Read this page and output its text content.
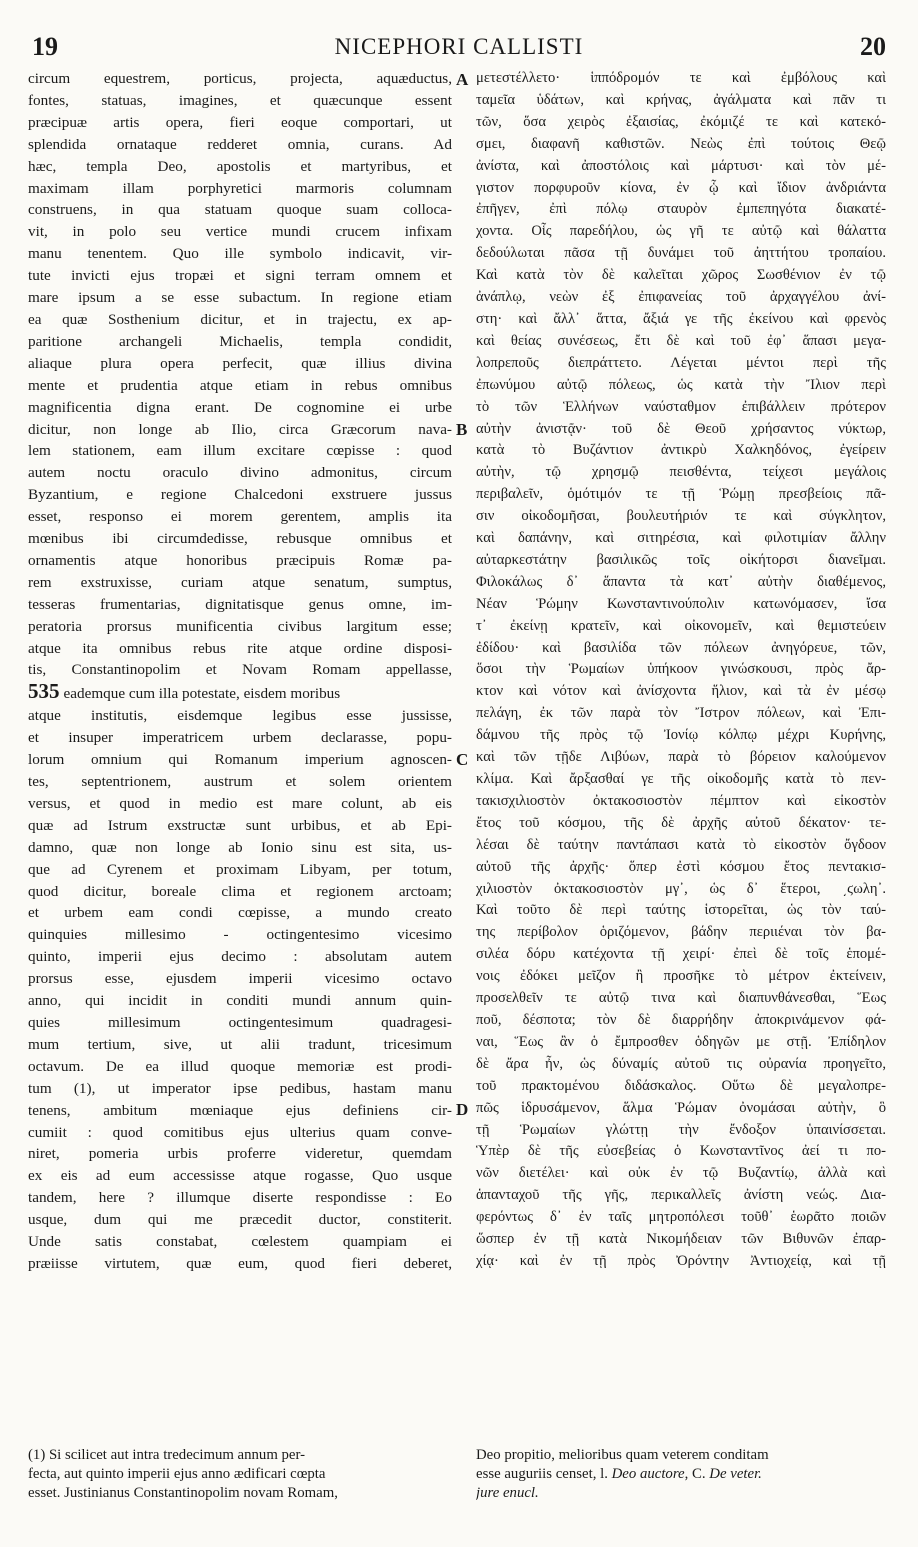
19	NICEPHORI CALLISTI	20
circum equestrem, porticus, projecta, aquæductus,
fontes, statuas, imagines, et quæcunque essent
præcipuæ artis opera, fieri eoque comportari, ut
splendida ornataque redderet omnia, curans. Ad
hæc, templa Deo, apostolis et martyribus, et
maximam illam porphyretici marmoris columnam
construens, in qua statuam quoque suam colloca-
vit, in polo seu vertice mundi crucem infixam
manu tenentem. Quo ille symbolo indicavit, vir-
tute invicti ejus tropæi et signi terram omnem et
mare ipsum a se esse subactum. In regione etiam
ea quæ Sosthenium dicitur, et in trajectu, ex ap-
paritione archangeli Michaelis, templa condidit,
aliaque plura opera perfecit, quæ illius divina
mente et prudentia atque etiam in rebus omnibus
magnificentia digna erant. De cognomine ei urbe
dicitur, non longe ab Ilio, circa Græcorum nava-
lem stationem, eam illum excitare cœpisse : quod
autem noctu oraculo divino admonitus, circum
Byzantium, e regione Chalcedoni exstruere jussus
esset, responso ei morem gerentem, amplis ita
mœnibus ibi circumdedisse, rebusque omnibus et
ornamentis atque honoribus præcipuis Romæ pa-
rem exstruxisse, curiam atque senatum, sumptus,
tesseras frumentarias, dignitatisque genus omne, im-
peratoria prorsus munificentia civibus largitum esse;
atque ita omnibus rebus rite atque ordine disposi-
tis, Constantinopolim et Novam Romam appellasse,
535 eademque cum illa potestate, eisdem moribus
atque institutis, eisdemque legibus esse jussisse,
et insuper imperatricem urbem declarasse, popu-
lorum omnium qui Romanum imperium agnoscen-
tes, septentrionem, austrum et solem orientem
versus, et quod in medio est mare colunt, ab eis
quæ ad Istrum exstructæ sunt urbibus, et ab Epi-
damno, quæ non longe ab Ionio sinu est sita, us-
que ad Cyrenem et proximam Libyam, per totum,
quod dicitur, boreale clima et regionem arctoam;
et urbem eam condi cœpisse, a mundo creato
quinquies millesimo - octingentesimo vicesimo
quinto, imperii ejus decimo : absolutam autem
prorsus esse, ejusdem imperii vicesimo octavo
anno, qui incidit in conditi mundi annum quin-
quies millesimum octingentesimum quadragesi-
mum tertium, sive, ut alii tradunt, tricesimum
octavum. De ea illud quoque memoriæ est prodi-
tum (1), ut imperator ipse pedibus, hastam manu
tenens, ambitum mœniaque ejus definiens cir-
cumiit : quod comitibus ejus ulterius quam conve-
niret, pomeria urbis proferre videretur, quemdam
ex eis ad eum accessisse atque rogasse, Quo usque
tandem, here ? illumque diserte respondisse : Eo
usque, dum qui me præcedit ductor, constiterit.
Unde satis constabat, cœlestem quampiam ei
præiisse virtutem, quæ eum, quod fieri deberet,
μετεστέλλετο· ἱππόδρομόν τε καὶ ἐμβόλους καὶ
ταμεῖα ὑδάτων, καὶ κρήνας, ἀγάλματα καὶ πᾶν τι
τῶν, ὅσα χειρὸς ἐξαισίας, ἐκόμιζέ τε καὶ κατεκό-
σμει, διαφανῆ καθιστῶν. Νεὼς ἐπὶ τούτοις Θεῷ
ἀνίστα, καὶ ἀποστόλοις καὶ μάρτυσι· καὶ τὸν μέ-
γιστον πορφυροῦν κίονα, ἐν ᾧ καὶ ἴδιον ἀνδριάντα
ἐπῆγεν, ἐπὶ πόλῳ σταυρὸν ἐμπεπηγότα διακατέ-
χοντα. Οἷς παρεδήλου, ὡς γῆ τε αὐτῷ καὶ θάλαττα
δεδούλωται πᾶσα τῇ δυνάμει τοῦ ἀηττήτου τροπαίου.
Καὶ κατὰ τὸν δὲ καλεῖται χῶρος Σωσθένιον ἐν τῷ
ἀνάπλῳ, νεὼν ἐξ ἐπιφανείας τοῦ ἀρχαγγέλου ἀνί-
στη· καὶ ἄλλ᾽ ἅττα, ἄξιά γε τῆς ἐκείνου καὶ φρενὸς
καὶ θείας συνέσεως, ἔτι δὲ καὶ τοῦ ἐφ᾽ ἅπασι μεγα-
λοπρεποῦς διεπράττετο. Λέγεται μέντοι περὶ τῆς
ἐπωνύμου αὐτῷ πόλεως, ὡς κατὰ τὴν Ἴλιον περὶ
τὸ τῶν Ἑλλήνων ναύσταθμον ἐπιβάλλειν πρότερον
αὐτὴν ἀνιστᾷν· τοῦ δὲ Θεοῦ χρήσαντος νύκτωρ,
κατὰ τὸ Βυζάντιον ἀντικρὺ Χαλκηδόνος, ἐγείρειν
αὐτὴν, τῷ χρησμῷ πεισθέντα, τείχεσι μεγάλοις
περιβαλεῖν, ὁμότιμόν τε τῇ Ῥώμῃ πρεσβείοις πᾶ-
σιν οἰκοδομῆσαι, βουλευτήριόν τε καὶ σύγκλητον,
καὶ δαπάνην, καὶ σιτηρέσια, καὶ φιλοτιμίαν ἄλλην
αὐταρκεστάτην βασιλικῶς τοῖς οἰκήτορσι διανεῖμαι.
Φιλοκάλως δ᾽ ἅπαντα τὰ κατ᾽ αὐτὴν διαθέμενος,
Νέαν Ῥώμην Κωνσταντινούπολιν κατωνόμασεν, ἴσα
τ᾽ ἐκείνῃ κρατεῖν, καὶ οἰκονομεῖν, καὶ θεμιστεύειν
ἐδίδου· καὶ βασιλίδα τῶν πόλεων ἀνηγόρευε, τῶν,
ὅσοι τὴν Ῥωμαίων ὑπήκοον γινώσκουσι, πρὸς ἄρ-
κτον καὶ νότον καὶ ἀνίσχοντα ἥλιον, καὶ τὰ ἐν μέσῳ
πελάγη, ἐκ τῶν παρὰ τὸν Ἴστρον πόλεων, καὶ Ἐπι-
δάμνου τῆς πρὸς τῷ Ἰονίῳ κόλπῳ μέχρι Κυρήνης,
καὶ τῶν τῇδε Λιβύων, παρὰ τὸ βόρειον καλούμενον
κλίμα. Καὶ ἄρξασθαί γε τῆς οἰκοδομῆς κατὰ τὸ πεν-
τακισχιλιοστὸν ὀκτακοσιοστὸν πέμπτον καὶ εἰκοστὸν
ἔτος τοῦ κόσμου, τῆς δὲ ἀρχῆς αὐτοῦ δέκατον· τε-
λέσαι δὲ ταύτην παντάπασι κατὰ τὸ εἰκοστὸν ὄγδοον
αὐτοῦ τῆς ἀρχῆς· ὅπερ ἐστὶ κόσμου ἔτος πεντακισ-
χιλιοστὸν ὀκτακοσιοστὸν μγ᾽, ὡς δ᾽ ἕτεροι, ͵ϛωλη᾽.
Καὶ τοῦτο δὲ περὶ ταύτης ἱστορεῖται, ὡς τὸν ταύ-
της περίβολον ὁριζόμενον, βάδην περιιέναι τὸν βα-
σιλέα δόρυ κατέχοντα τῇ χειρί· ἐπεὶ δὲ τοῖς ἑπομέ-
νοις ἐδόκει μεῖζον ἢ προσῆκε τὸ μέτρον ἐκτείνειν,
προσελθεῖν τε αὐτῷ τινα καὶ διαπυνθάνεσθαι, Ἕως
ποῦ, δέσποτα; τὸν δὲ διαρρήδην ἀποκρινάμενον φά-
ναι, Ἕως ἂν ὁ ἔμπροσθεν ὁδηγῶν με στῇ. Ἐπίδηλον
δὲ ἄρα ἦν, ὡς δύναμίς αὐτοῦ τις οὐρανία προηγεῖτο,
τοῦ πρακτομένου διδάσκαλος. Οὕτω δὲ μεγαλοπρε-
πῶς ἱδρυσάμενον, ἅλμα Ῥώμαν ὀνομάσαι αὐτὴν, ὃ
τῇ Ῥωμαίων γλώττῃ τὴν ἔνδοξον ὑπαινίσσεται.
Ὑπὲρ δὲ τῆς εὐσεβείας ὁ Κωνσταντῖνος ἀεί τι πο-
νῶν διετέλει· καὶ οὐκ ἐν τῷ Βυζαντίῳ, ἀλλὰ καὶ
ἁπανταχοῦ τῆς γῆς, περικαλλεῖς ἀνίστη νεώς. Δια-
φερόντως δ᾽ ἐν ταῖς μητροπόλεσι τοῦθ᾽ ἑωρᾶτο ποιῶν
ὥσπερ ἐν τῇ κατὰ Νικομήδειαν τῶν Βιθυνῶν ἐπαρ-
χίᾳ· καὶ ἐν τῇ πρὸς Ὀρόντην Ἀντιοχείᾳ, καὶ τῇ
A
B
C
D
(1) Si scilicet aut intra tredecimum annum per-
fecta, aut quinto imperii ejus anno ædificari cœpta
esset. Justinianus Constantinopolim novam Romam,
Deo propitio, melioribus quam veterem conditam
esse auguriis censet, l. Deo auctore, C. De veter.
jure enucl.
